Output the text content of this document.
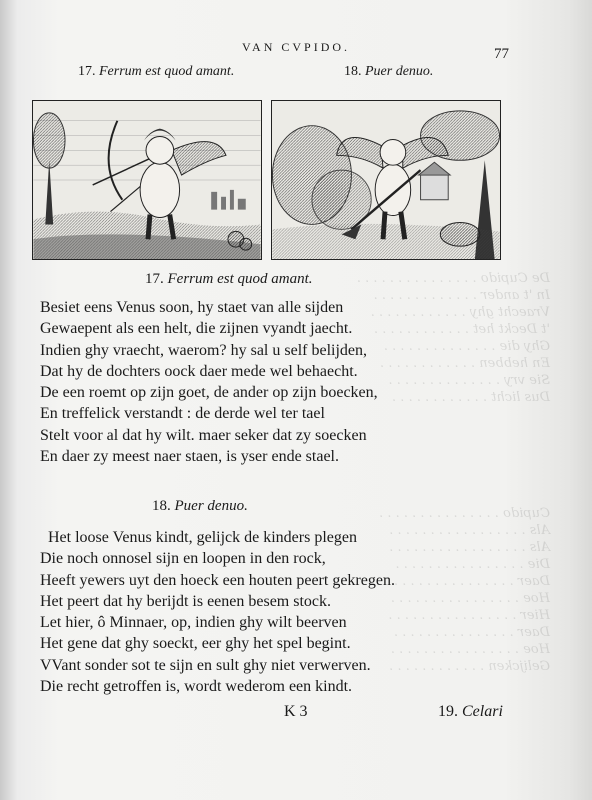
De Cupido . . . . . . . . . . . . . . .
In 't ander . . . . . . . . . . . . .
Vraecht ghy . . . . . . . . . . . .
't Deckt het . . . . . . . . . . . .
Ghy die . . . . . . . . . . . . . .
En hebben . . . . . . . . . . . .
Sie vry . . . . . . . . . . . . . .
Dus licht . . . . . . . . . . . .
Cupido . . . . . . . . . . . . . . .
Als . . . . . . . . . . . . . . . . .
Als . . . . . . . . . . . . . . . . .
Die . . . . . . . . . . . . . . . .
Daer . . . . . . . . . . . . . . .
Hoe . . . . . . . . . . . . . . . .
Hier . . . . . . . . . . . . . . . .
Daer . . . . . . . . . . . . . . .
Hoe . . . . . . . . . . . . . . . .
Gelijcken . . . . . . . . . . . .
VAN CVPIDO.	77
17. Ferrum est quod amant.	18. Puer denuo.
17. Ferrum est quod amant.
Besiet eens Venus soon, hy staet van alle sijden
Gewaepent als een helt, die zijnen vyandt jaecht.
Indien ghy vraecht, waerom? hy sal u self belijden,
Dat hy de dochters oock daer mede wel behaecht.
De een roemt op zijn goet, de ander op zijn boecken,
En treffelick verstandt : de derde wel ter tael
Stelt voor al dat hy wilt. maer seker dat zy soecken
En daer zy meest naer staen, is yser ende stael.
18. Puer denuo.
Het loose Venus kindt, gelijck de kinders plegen
Die noch onnosel sijn en loopen in den rock,
Heeft yewers uyt den hoeck een houten peert gekregen.
Het peert dat hy berijdt is eenen besem stock.
Let hier, ô Minnaer, op, indien ghy wilt beerven
Het gene dat ghy soeckt, eer ghy het spel begint.
VVant sonder sot te sijn en sult ghy niet verwerven.
Die recht getroffen is, wordt wederom een kindt.
K 3	19. Celari
